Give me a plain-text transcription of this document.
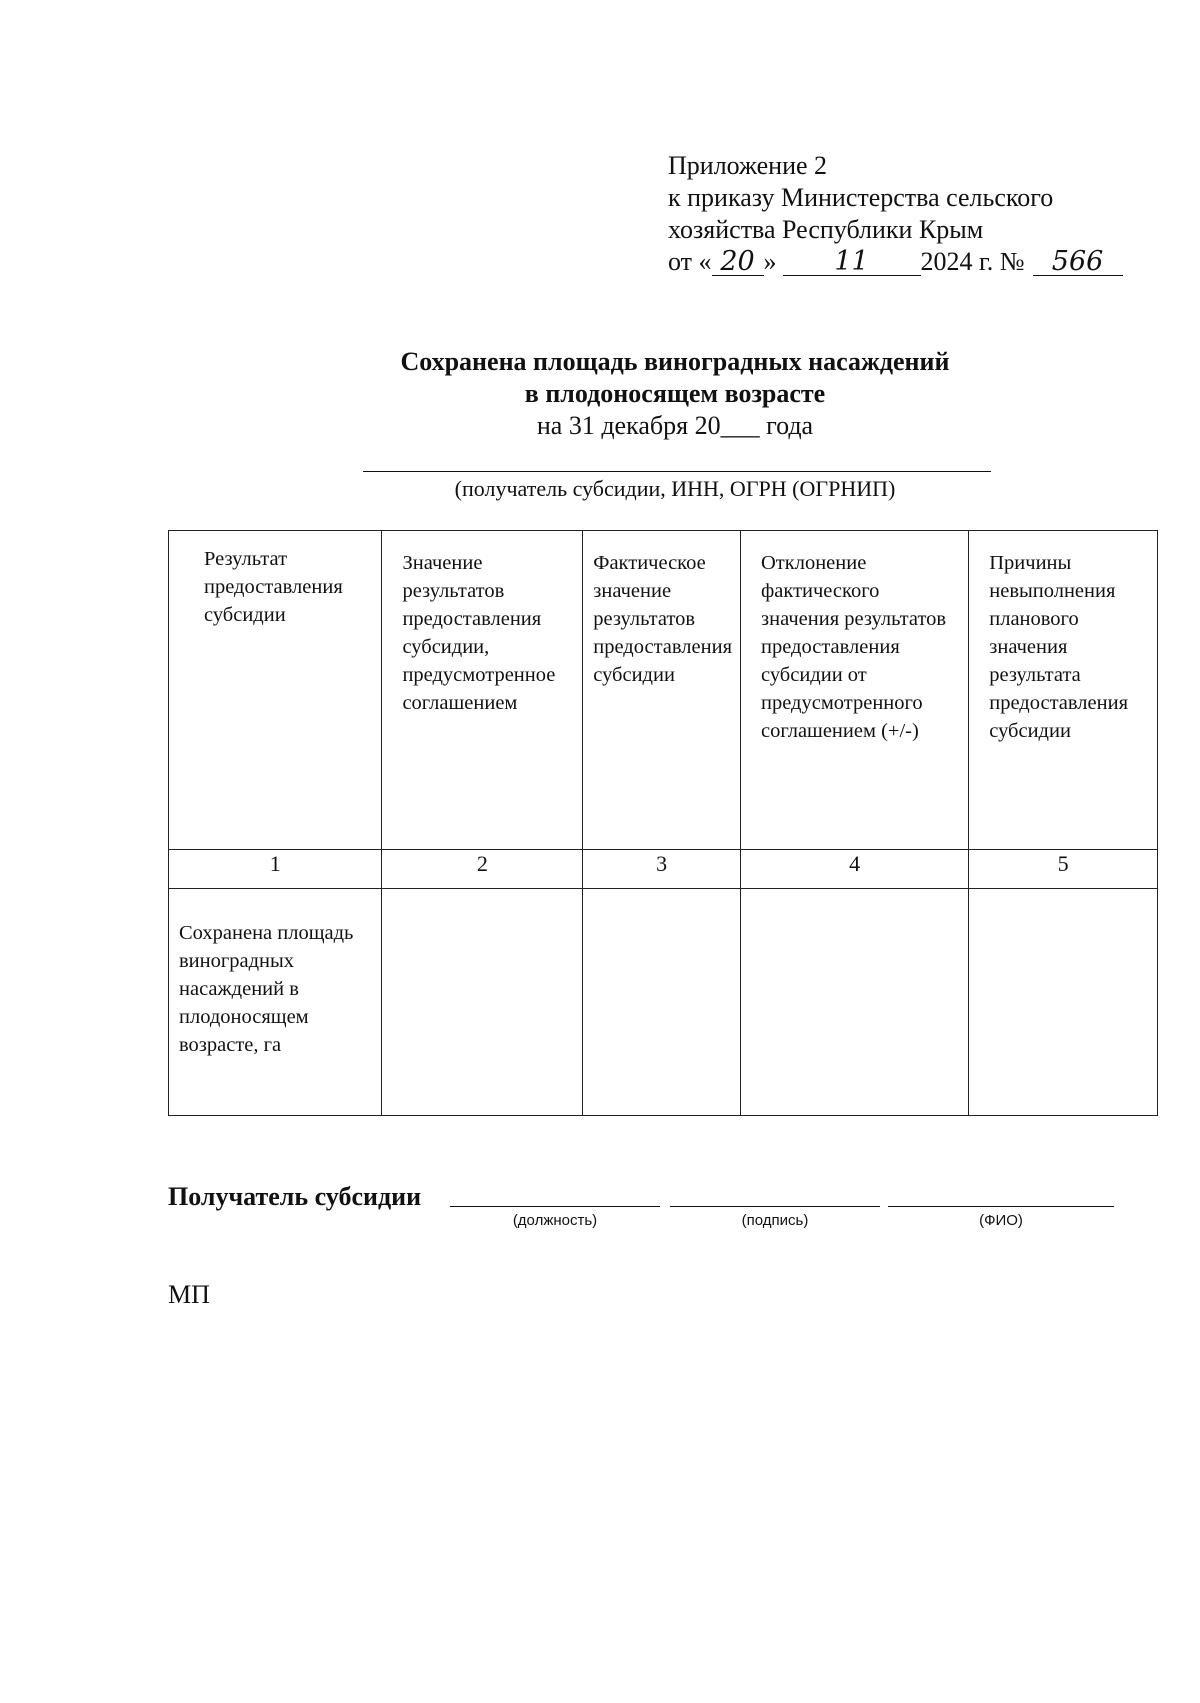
Приложение 2
к приказу Министерства сельского
хозяйства Республики Крым
от « 20 » 11 2024 г. № 566
Сохранена площадь виноградных насаждений
в плодоносящем возрасте
на 31 декабря 20___ года
(получатель субсидии, ИНН, ОГРН (ОГРНИП)
Результат предоставления субсидии	Значение результатов предоставления субсидии, предусмотренное соглашением	Фактическое значение результатов предоставления субсидии	Отклонение фактического значения результатов предоставления субсидии от предусмотренного соглашением (+/-)	Причины невыполнения планового значения результата предоставления субсидии

1	2	3	4	5

Сохранена площадь виноградных насаждений в плодоносящем возрасте, га				

Получатель субсидии
(должность)	(подпись)	(ФИО)
МП
